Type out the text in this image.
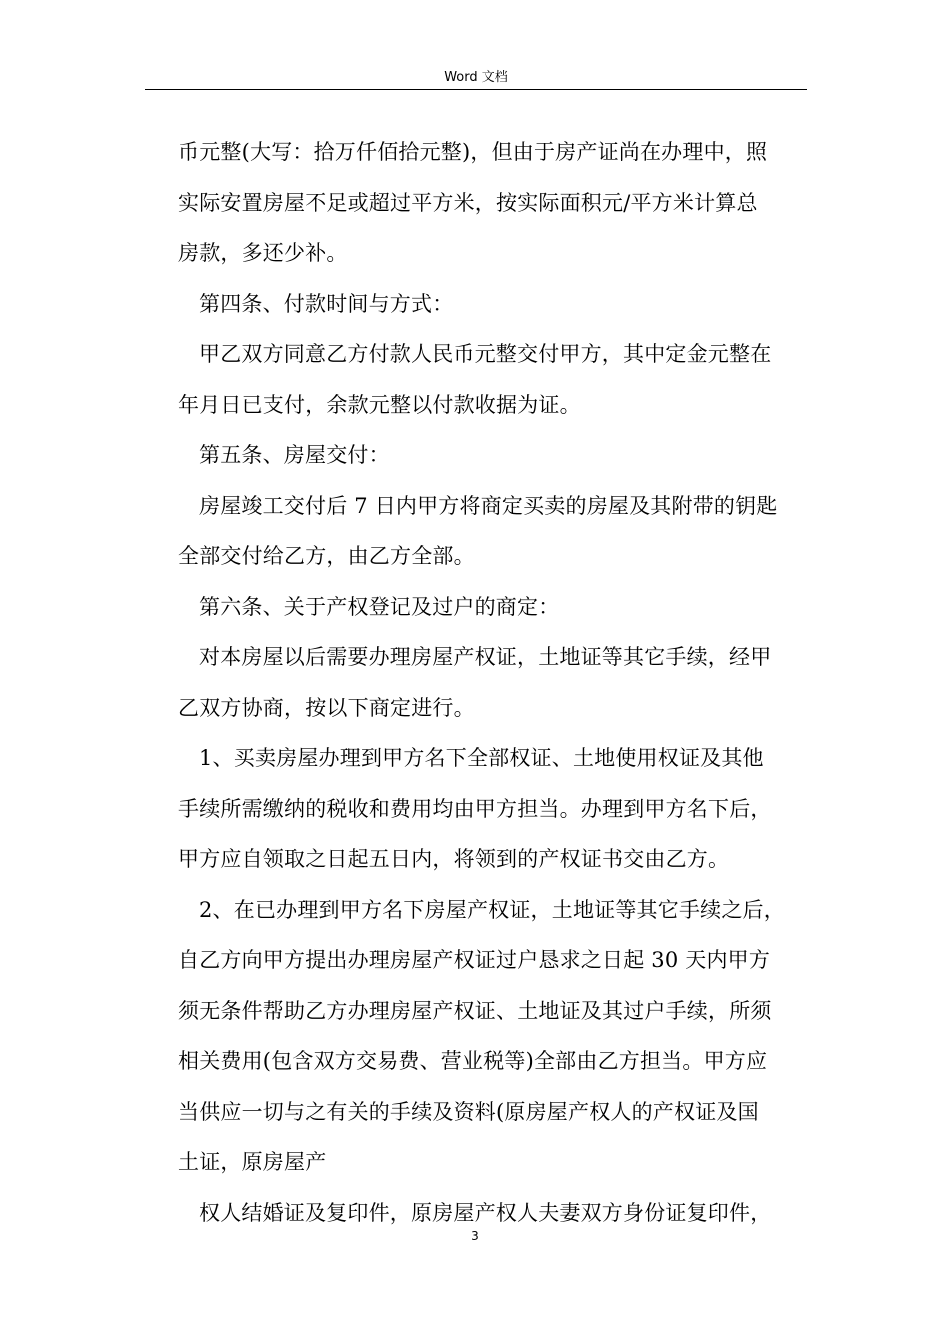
Word 文档
币元整(大写：拾万仟佰拾元整)，但由于房产证尚在办理中，照
实际安置房屋不足或超过平方米，按实际面积元/平方米计算总
房款，多还少补。
第四条、付款时间与方式：
甲乙双方同意乙方付款人民币元整交付甲方，其中定金元整在
年月日已支付，余款元整以付款收据为证。
第五条、房屋交付：
房屋竣工交付后 7 日内甲方将商定买卖的房屋及其附带的钥匙
全部交付给乙方，由乙方全部。
第六条、关于产权登记及过户的商定：
对本房屋以后需要办理房屋产权证，土地证等其它手续，经甲
乙双方协商，按以下商定进行。
1、买卖房屋办理到甲方名下全部权证、土地使用权证及其他
手续所需缴纳的税收和费用均由甲方担当。办理到甲方名下后，
甲方应自领取之日起五日内，将领到的产权证书交由乙方。
2、在已办理到甲方名下房屋产权证，土地证等其它手续之后，
自乙方向甲方提出办理房屋产权证过户恳求之日起 30 天内甲方
须无条件帮助乙方办理房屋产权证、土地证及其过户手续，所须
相关费用(包含双方交易费、营业税等)全部由乙方担当。甲方应
当供应一切与之有关的手续及资料(原房屋产权人的产权证及国
土证，原房屋产
权人结婚证及复印件，原房屋产权人夫妻双方身份证复印件，
3
